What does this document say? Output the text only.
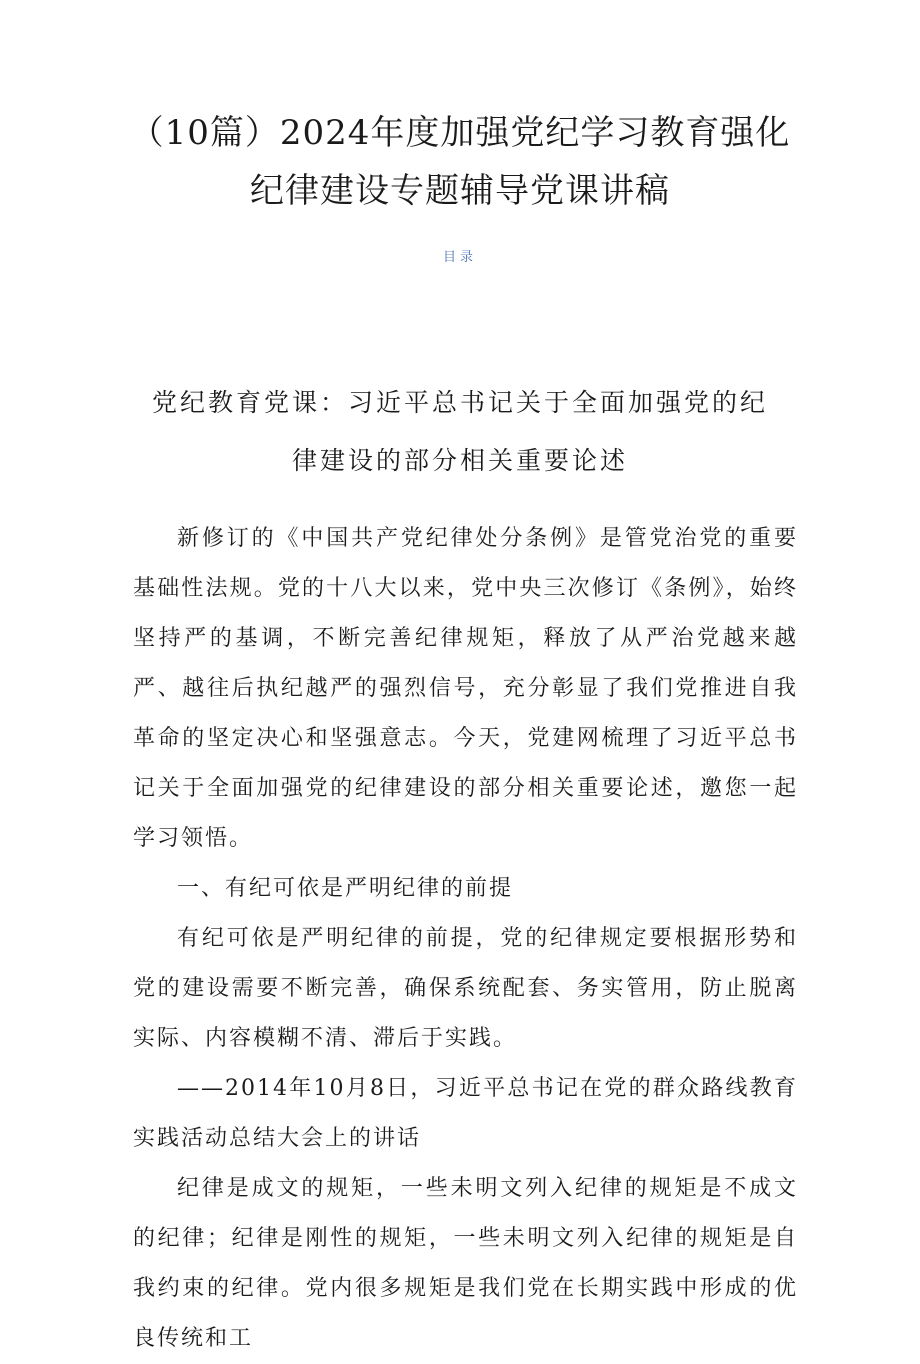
（10篇）2024年度加强党纪学习教育强化
纪律建设专题辅导党课讲稿
目录
党纪教育党课：习近平总书记关于全面加强党的纪
律建设的部分相关重要论述

新修订的《中国共产党纪律处分条例》是管党治党的重要基础性法规。党的十八大以来，党中央三次修订《条例》，始终坚持严的基调，不断完善纪律规矩，释放了从严治党越来越严、越往后执纪越严的强烈信号，充分彰显了我们党推进自我革命的坚定决心和坚强意志。今天，党建网梳理了习近平总书记关于全面加强党的纪律建设的部分相关重要论述，邀您一起学习领悟。

一、有纪可依是严明纪律的前提

有纪可依是严明纪律的前提，党的纪律规定要根据形势和党的建设需要不断完善，确保系统配套、务实管用，防止脱离实际、内容模糊不清、滞后于实践。

——2014年10月8日，习近平总书记在党的群众路线教育实践活动总结大会上的讲话

纪律是成文的规矩，一些未明文列入纪律的规矩是不成文的纪律；纪律是刚性的规矩，一些未明文列入纪律的规矩是自我约束的纪律。党内很多规矩是我们党在长期实践中形成的优良传统和工
